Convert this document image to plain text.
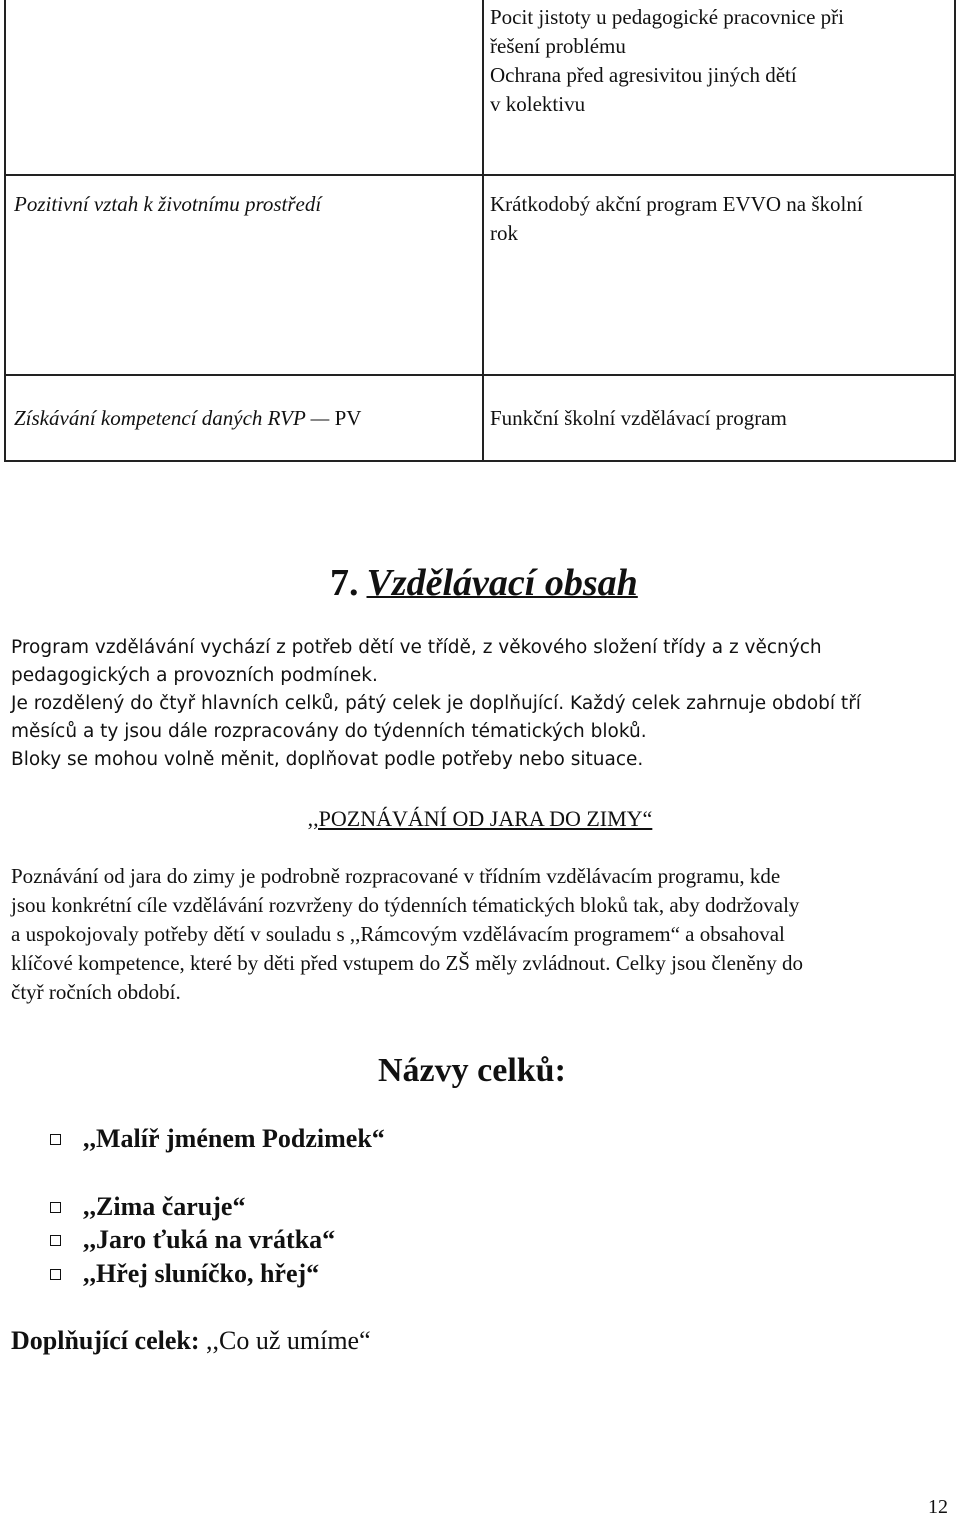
Pocit jistoty u pedagogické pracovnice při
řešení problému
Ochrana před agresivitou jiných dětí
v kolektivu
Pozitivní vztah k životnímu prostředí	Krátkodobý akční program EVVO na školní
rok
Získávání kompetencí daných RVP — PV	Funkční školní vzdělávací program
7. Vzdělávací obsah
Program vzdělávání vychází z potřeb dětí ve třídě, z věkového složení třídy a z věcných
pedagogických a provozních podmínek.
Je rozdělený do čtyř hlavních celků, pátý celek je doplňující. Každý celek zahrnuje období tří
měsíců a ty jsou dále rozpracovány do týdenních tématických bloků.
Bloky se mohou volně měnit, doplňovat podle potřeby nebo situace.
,,POZNÁVÁNÍ OD JARA DO ZIMY“
Poznávání od jara do zimy je podrobně rozpracované v třídním vzdělávacím programu, kde
jsou konkrétní cíle vzdělávání rozvrženy do týdenních tématických bloků tak, aby dodržovaly
a uspokojovaly potřeby dětí v souladu s ,,Rámcovým vzdělávacím programem“ a obsahoval
klíčové kompetence, které by děti před vstupem do ZŠ měly zvládnout. Celky jsou členěny do
čtyř ročních období.
Názvy celků:
,,Malíř jménem Podzimek“
,,Zima čaruje“
,,Jaro ťuká na vrátka“
,,Hřej sluníčko, hřej“
Doplňující celek: ,,Co už umíme“
12
